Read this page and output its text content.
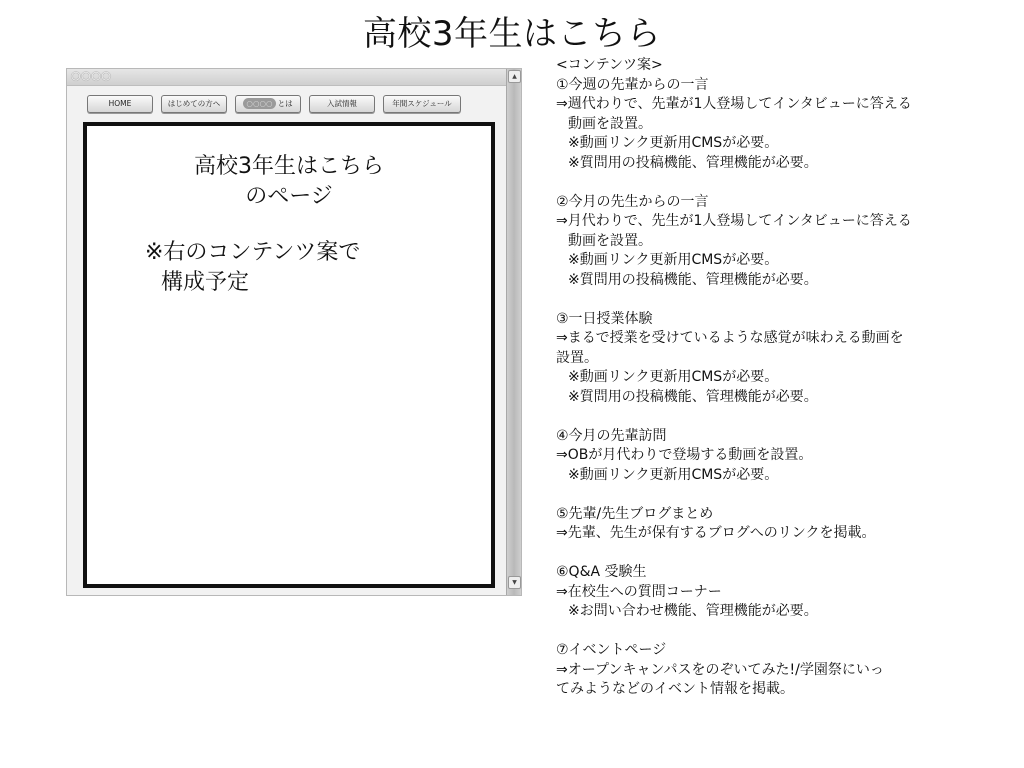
高校3年生はこちら
○○○○	▲
▼
HOME	はじめての方へ	○○○○ とは	入試情報	年間スケジュール
高校3年生はこちら
のページ
※右のコンテンツ案で
構成予定
<コンテンツ案>
①今週の先輩からの一言
⇒週代わりで、先輩が1人登場してインタビューに答える
動画を設置。
※動画リンク更新用CMSが必要。
※質問用の投稿機能、管理機能が必要。
②今月の先生からの一言
⇒月代わりで、先生が1人登場してインタビューに答える
動画を設置。
※動画リンク更新用CMSが必要。
※質問用の投稿機能、管理機能が必要。
③一日授業体験
⇒まるで授業を受けているような感覚が味わえる動画を
設置。
※動画リンク更新用CMSが必要。
※質問用の投稿機能、管理機能が必要。
④今月の先輩訪問
⇒OBが月代わりで登場する動画を設置。
※動画リンク更新用CMSが必要。
⑤先輩/先生ブログまとめ
⇒先輩、先生が保有するブログへのリンクを掲載。
⑥Q&A 受験生
⇒在校生への質問コーナー
※お問い合わせ機能、管理機能が必要。
⑦イベントページ
⇒オープンキャンパスをのぞいてみた!/学園祭にいっ
てみようなどのイベント情報を掲載。
